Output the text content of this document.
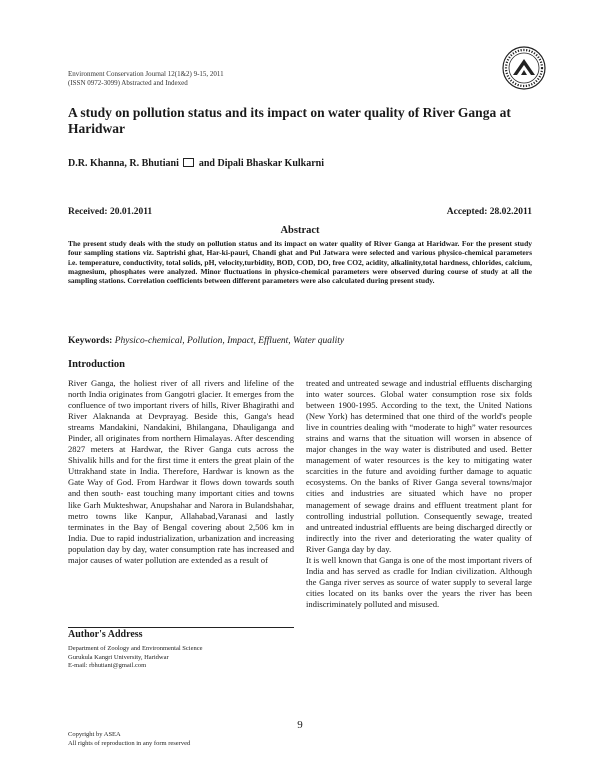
Environment Conservation Journal 12(1&2) 9-15, 2011
(ISSN 0972-3099) Abstracted and Indexed
A study on pollution status and its impact on water quality of River Ganga at Haridwar
D.R. Khanna, R. Bhutiani and Dipali Bhaskar Kulkarni
Received: 20.01.2011	Accepted: 28.02.2011
Abstract
The present study deals with the study on pollution status and its impact on water quality of River Ganga at Haridwar. For the present study four sampling stations viz. Saptrishi ghat, Har-ki-pauri, Chandi ghat and Pul Jatwara were selected and various physico-chemical parameters i.e. temperature, conductivity, total solids, pH, velocity,turbidity, BOD, COD, DO, free CO2, acidity, alkalinity,total hardness, chlorides, calcium, magnesium, phosphates were analyzed. Minor fluctuations in physico-chemical parameters were observed during course of study at all the sampling stations. Correlation coefficients between different parameters were also calculated during present study.
Keywords: Physico-chemical, Pollution, Impact, Effluent, Water quality
Introduction
River Ganga, the holiest river of all rivers and lifeline of the north India originates from Gangotri glacier. It emerges from the confluence of two important rivers of hills, River Bhagirathi and River Alaknanda at Devprayag. Beside this, Ganga's head streams Mandakini, Nandakini, Bhilangana, Dhauliganga and Pinder, all originates from northern Himalayas. After descending 2827 meters at Hardwar, the River Ganga cuts across the Shivalik hills and for the first time it enters the great plain of the Uttrakhand state in India. Therefore, Hardwar is known as the Gate Way of God. From Hardwar it flows down towards south and then south- east touching many important cities and towns like Garh Mukteshwar, Anupshahar and Narora in Bulandshahar, metro towns like Kanpur, Allahabad,Varanasi and lastly terminates in the Bay of Bengal covering about 2,506 km in India. Due to rapid industrialization, urbanization and increasing population day by day, water consumption rate has increased and major causes of water pollution are extended as a result of
treated and untreated sewage and industrial effluents discharging into water sources. Global water consumption rose six folds between 1900-1995. According to the text, the United Nations (New York) has determined that one third of the world's people live in countries dealing with “moderate to high” water resources strains and warns that the situation will worsen in absence of major changes in the way water is distributed and used. Better management of water resources is the key to mitigating water scarcities in the future and avoiding further damage to aquatic ecosystems. On the banks of River Ganga several towns/major cities and industries are situated which have no proper management of sewage drains and effluent treatment plant for controlling industrial pollution. Consequently sewage, treated and untreated industrial effluents are being discharged directly or indirectly into the river and deteriorating the water quality of River Ganga day by day.
It is well known that Ganga is one of the most important rivers of India and has served as cradle for Indian civilization. Although the Ganga river serves as source of water supply to several large cities located on its banks over the years the river has been indiscriminately polluted and misused.
Author's Address
Department of Zoology and Environmental Science
Gurukula Kangri University, Haridwar
E-mail: rbhutiani@gmail.com
9
Copyright by ASEA
All rights of reproduction in any form reserved
